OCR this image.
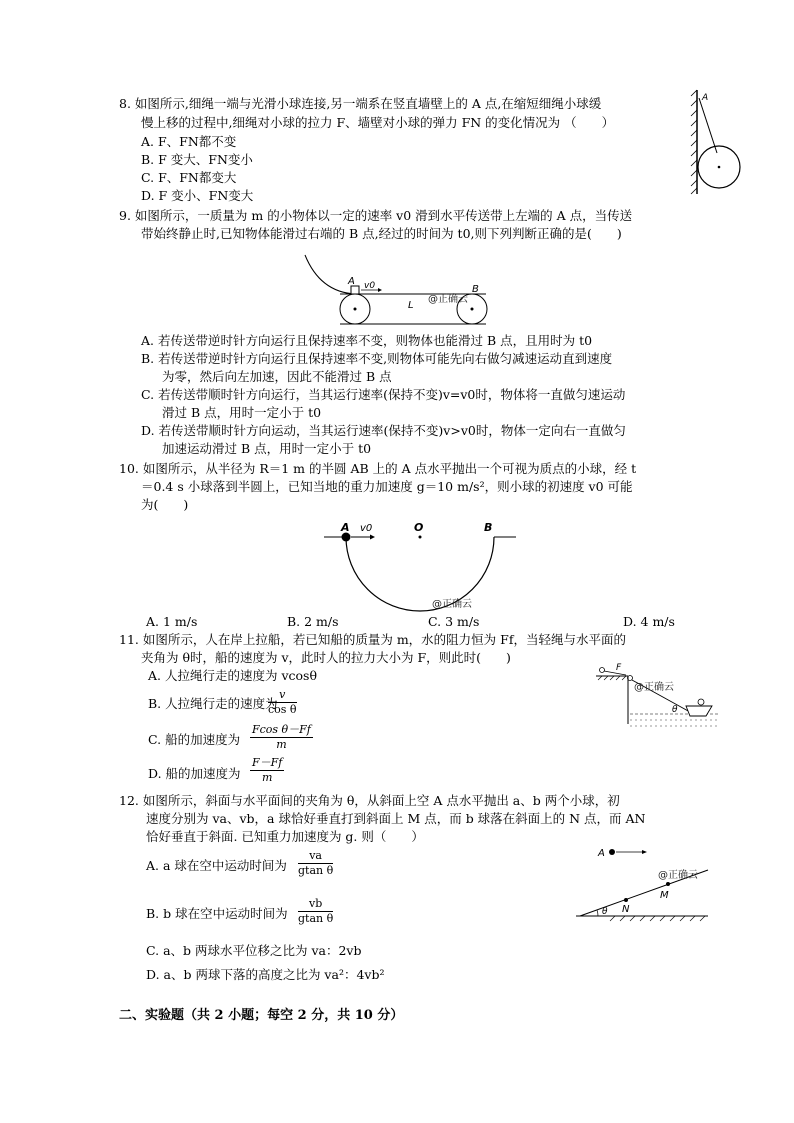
8. 如图所示,细绳一端与光滑小球连接,另一端系在竖直墙壁上的 A 点,在缩短细绳小球缓
慢上移的过程中,细绳对小球的拉力 F、墙壁对小球的弹力 FN 的变化情况为 （　　）
A. F、FN都不变
B. F 变大、FN变小
C. F、FN都变大
D. F 变小、FN变大
A
9. 如图所示，一质量为 m 的小物体以一定的速率 v0 滑到水平传送带上左端的 A 点，当传送
带始终静止时,已知物体能滑过右端的 B 点,经过的时间为 t0,则下列判断正确的是(　　)
A v0	B
L
@正确云
A. 若传送带逆时针方向运行且保持速率不变，则物体也能滑过 B 点，且用时为 t0
B. 若传送带逆时针方向运行且保持速率不变,则物体可能先向右做匀减速运动直到速度
为零，然后向左加速，因此不能滑过 B 点
C. 若传送带顺时针方向运行，当其运行速率(保持不变)v=v0时，物体将一直做匀速运动
滑过 B 点，用时一定小于 t0
D. 若传送带顺时针方向运动，当其运行速率(保持不变)v>v0时，物体一定向右一直做匀
加速运动滑过 B 点，用时一定小于 t0
10. 如图所示，从半径为 R＝1 m 的半圆 AB 上的 A 点水平抛出一个可视为质点的小球，经 t
＝0.4 s 小球落到半圆上，已知当地的重力加速度 g＝10 m/s²，则小球的初速度 v0 可能
为(　　)
A v0	O	B
@正确云
A. 1 m/s	B. 2 m/s	C. 3 m/s	D. 4 m/s
11. 如图所示，人在岸上拉船，若已知船的质量为 m，水的阻力恒为 Ff，当轻绳与水平面的
夹角为 θ时，船的速度为 v，此时人的拉力大小为 F，则此时(　　)
A. 人拉绳行走的速度为 vcosθ
B. 人拉绳行走的速度为
$\frac{v}{\text{cos θ}}$
C. 船的加速度为 $\frac{\text{Fcos θ－Ff}}{m}$
D. 船的加速度为 $\frac{F-Ff}{m}$
F
θ
@正确云
12. 如图所示，斜面与水平面间的夹角为 θ，从斜面上空 A 点水平抛出 a、b 两个小球，初
速度分别为 va、vb，a 球恰好垂直打到斜面上 M 点，而 b 球落在斜面上的 N 点，而 AN
恰好垂直于斜面. 已知重力加速度为 g. 则（　　）
A. a 球在空中运动时间为 $\frac{va}{\text{gtan θ}}$
B. b 球在空中运动时间为 $\frac{vb}{\text{gtan θ}}$
C. a、b 两球水平位移之比为 va：2vb
D. a、b 两球下落的高度之比为 va²：4vb²
A
M
N
θ
@正确云
二、实验题（共 2 小题；每空 2 分，共 10 分）
